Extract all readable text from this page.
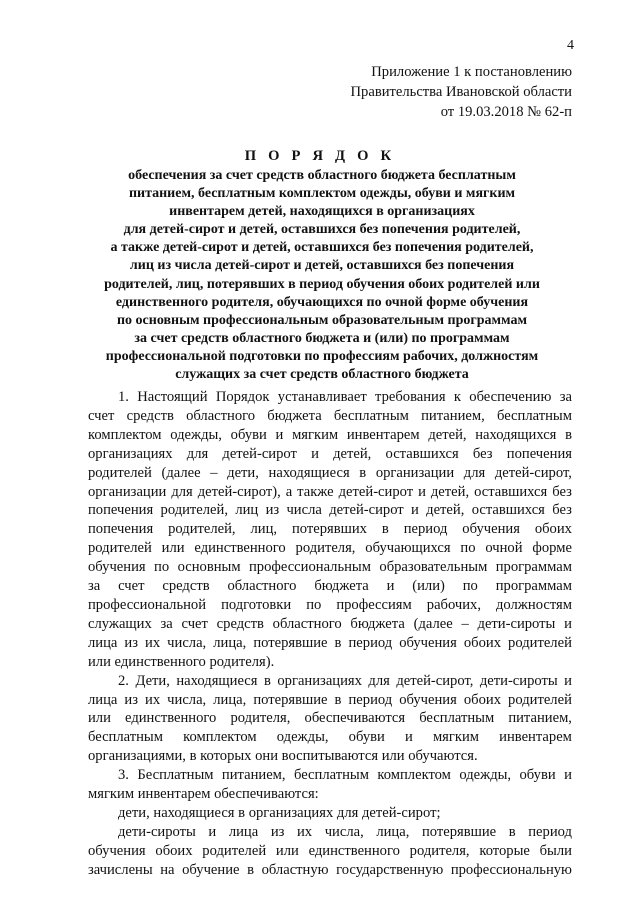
4
Приложение 1 к постановлению
Правительства Ивановской области
от 19.03.2018 № 62-п
П О Р Я Д О К
обеспечения за счет средств областного бюджета бесплатным
питанием, бесплатным комплектом одежды, обуви и мягким
инвентарем детей, находящихся в организациях
для детей-сирот и детей, оставшихся без попечения родителей,
а также детей-сирот и детей, оставшихся без попечения родителей,
лиц из числа детей-сирот и детей, оставшихся без попечения
родителей, лиц, потерявших в период обучения обоих родителей или
единственного родителя, обучающихся по очной форме обучения
по основным профессиональным образовательным программам
за счет средств областного бюджета и (или) по программам
профессиональной подготовки по профессиям рабочих, должностям
служащих за счет средств областного бюджета
1. Настоящий Порядок устанавливает требования к обеспечению за
счет средств областного бюджета бесплатным питанием, бесплатным
комплектом одежды, обуви и мягким инвентарем детей, находящихся в
организациях для детей-сирот и детей, оставшихся без попечения
родителей (далее – дети, находящиеся в организации для детей-сирот,
организации для детей-сирот), а также детей-сирот и детей, оставшихся без
попечения родителей, лиц из числа детей-сирот и детей, оставшихся без
попечения родителей, лиц, потерявших в период обучения обоих
родителей или единственного родителя, обучающихся по очной форме
обучения по основным профессиональным образовательным программам
за счет средств областного бюджета и (или) по программам
профессиональной подготовки по профессиям рабочих, должностям
служащих за счет средств областного бюджета (далее – дети-сироты и
лица из их числа, лица, потерявшие в период обучения обоих родителей
или единственного родителя).
2. Дети, находящиеся в организациях для детей-сирот, дети-сироты и
лица из их числа, лица, потерявшие в период обучения обоих родителей
или единственного родителя, обеспечиваются бесплатным питанием,
бесплатным комплектом одежды, обуви и мягким инвентарем
организациями, в которых они воспитываются или обучаются.
3. Бесплатным питанием, бесплатным комплектом одежды, обуви и
мягким инвентарем обеспечиваются:
дети, находящиеся в организациях для детей-сирот;
дети-сироты и лица из их числа, лица, потерявшие в период
обучения обоих родителей или единственного родителя, которые были
зачислены на обучение в областную государственную профессиональную
